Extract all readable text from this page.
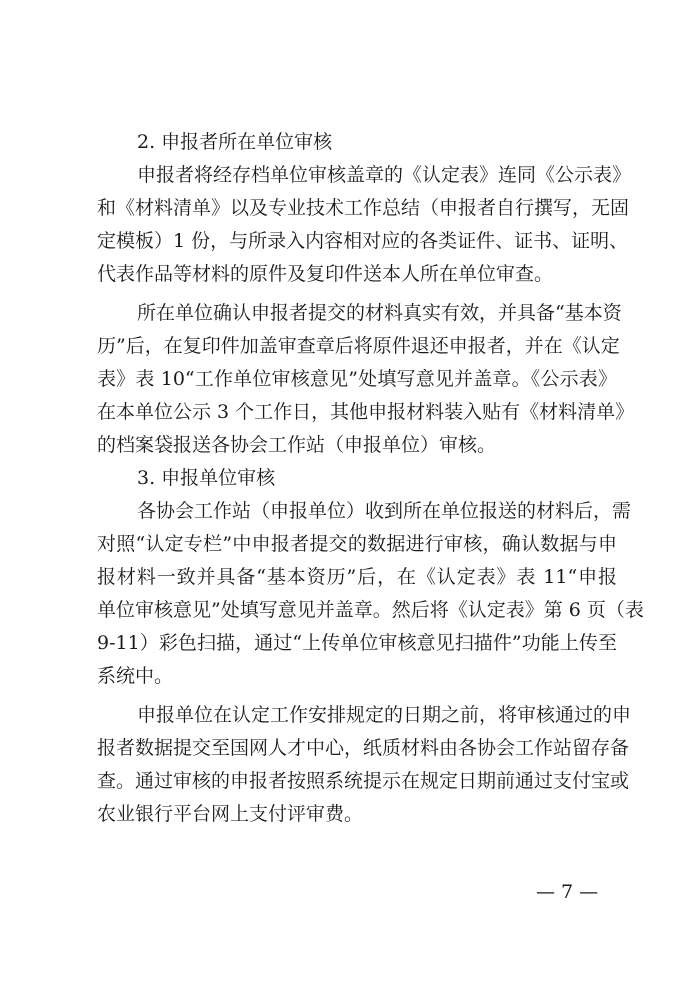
2. 申报者所在单位审核

申报者将经存档单位审核盖章的《认定表》连同《公示表》
和《材料清单》以及专业技术工作总结（申报者自行撰写，无固
定模板）1 份，与所录入内容相对应的各类证件、证书、证明、
代表作品等材料的原件及复印件送本人所在单位审查。
所在单位确认申报者提交的材料真实有效，并具备“基本资
历”后，在复印件加盖审查章后将原件退还申报者，并在《认定
表》表 10“工作单位审核意见”处填写意见并盖章。《公示表》
在本单位公示 3 个工作日，其他申报材料装入贴有《材料清单》
的档案袋报送各协会工作站（申报单位）审核。

3. 申报单位审核

各协会工作站（申报单位）收到所在单位报送的材料后，需
对照“认定专栏”中申报者提交的数据进行审核，确认数据与申
报材料一致并具备“基本资历”后，在《认定表》表 11“申报
单位审核意见”处填写意见并盖章。然后将《认定表》第 6 页（表
9-11）彩色扫描，通过“上传单位审核意见扫描件”功能上传至
系统中。
申报单位在认定工作安排规定的日期之前，将审核通过的申
报者数据提交至国网人才中心，纸质材料由各协会工作站留存备
查。通过审核的申报者按照系统提示在规定日期前通过支付宝或
农业银行平台网上支付评审费。
— 7 —
